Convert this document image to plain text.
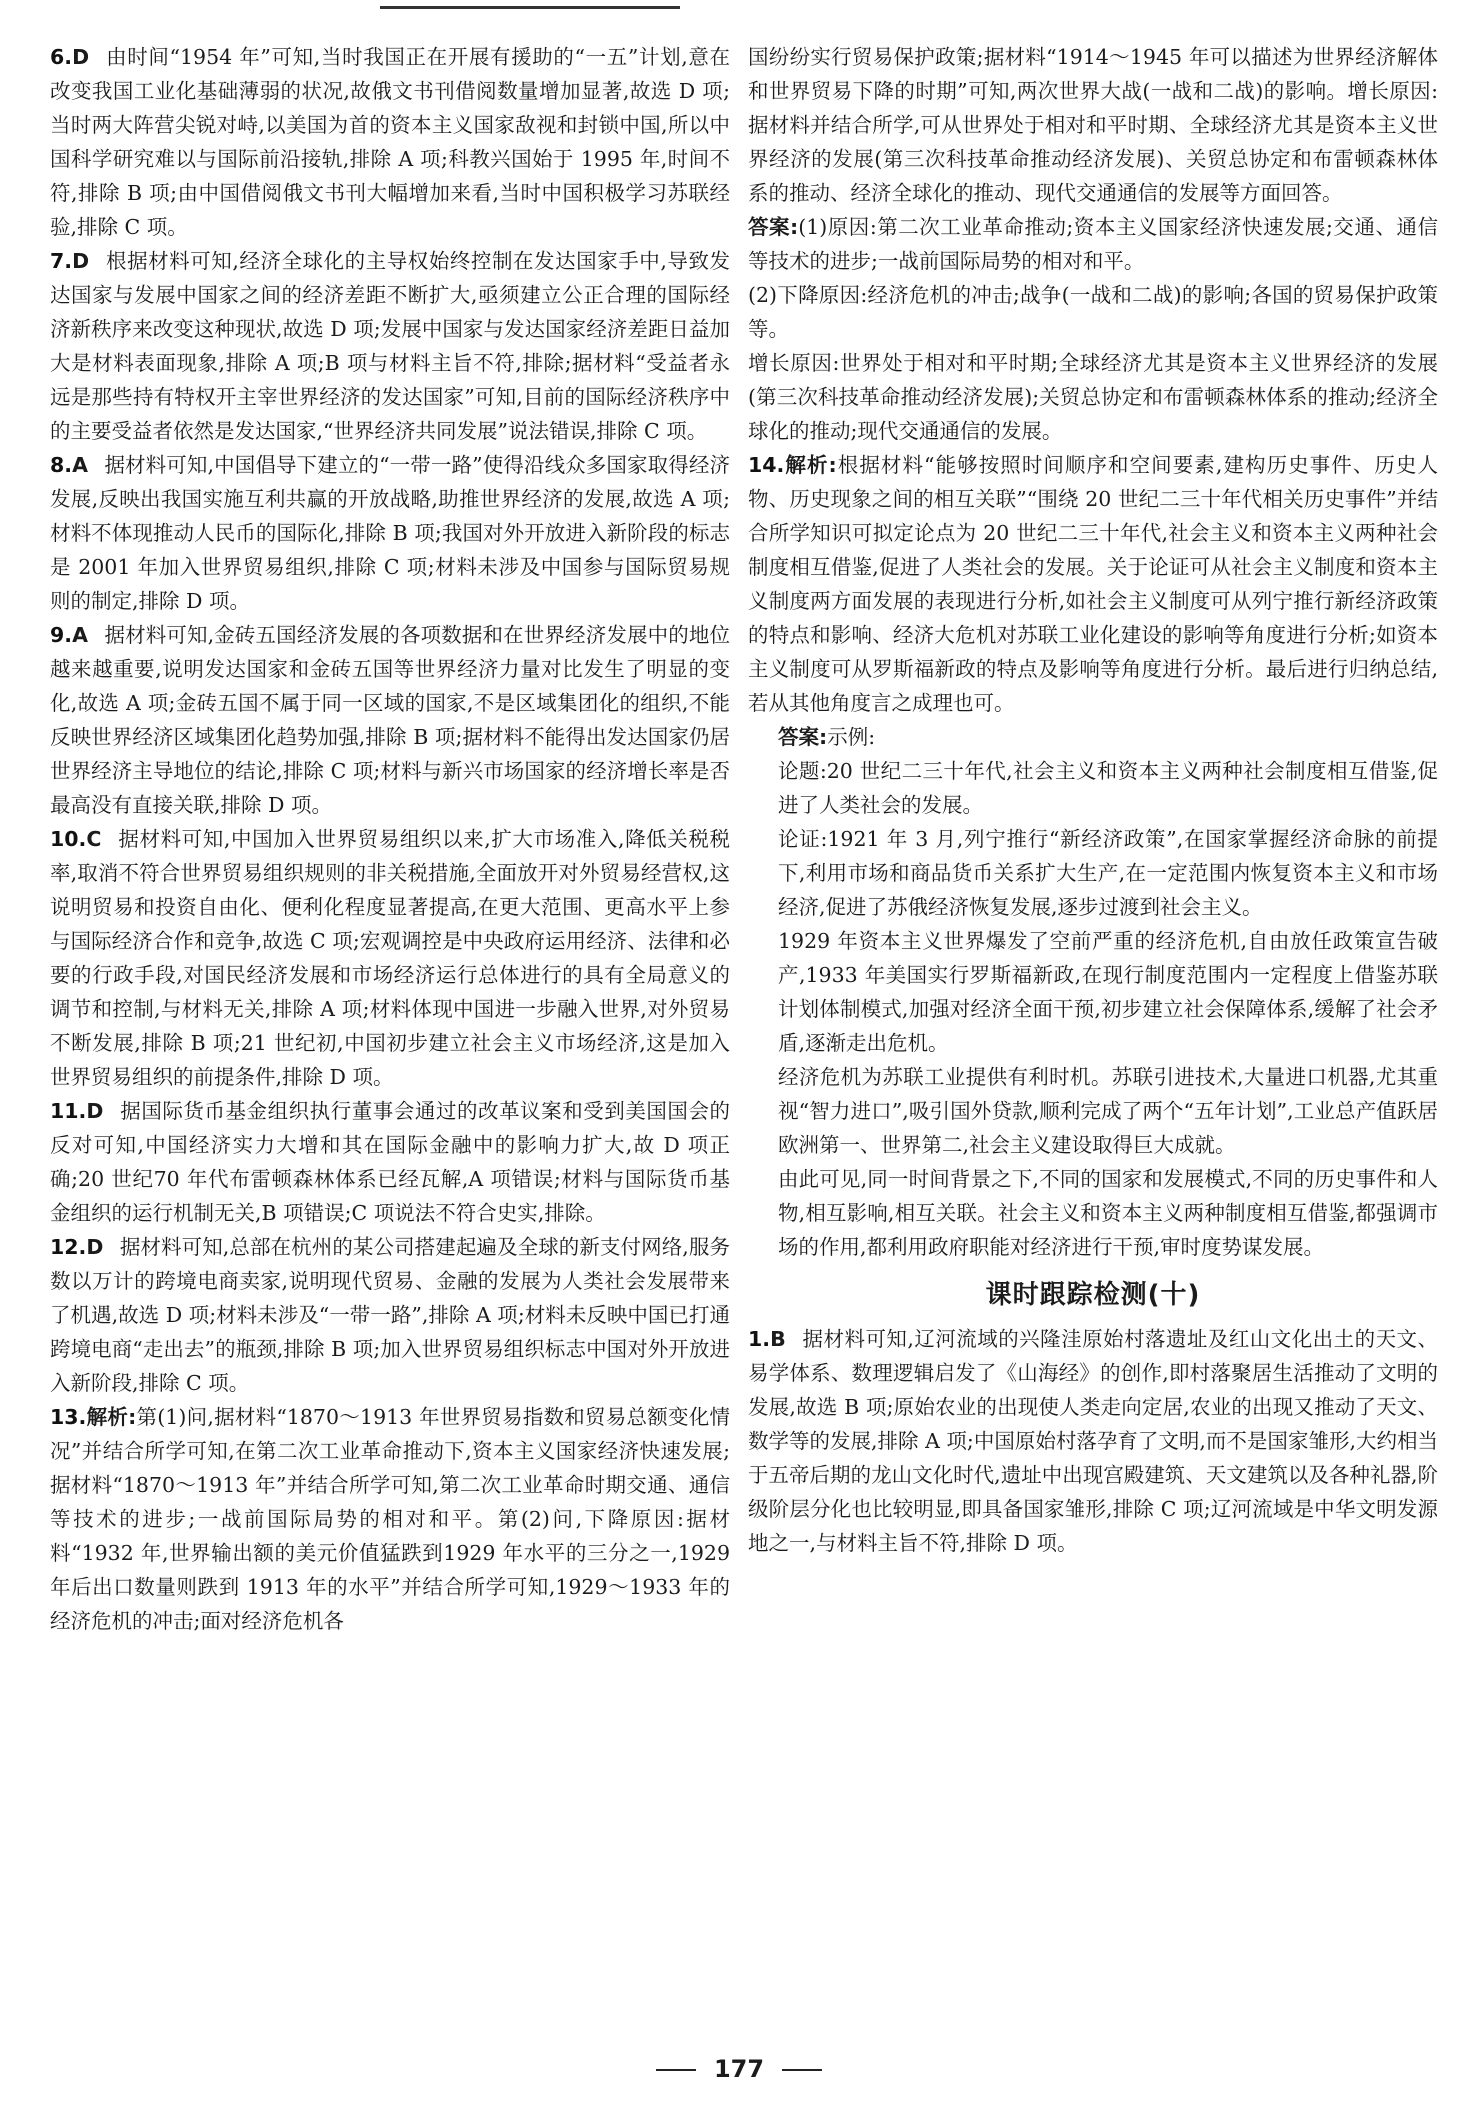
6.D 由时间“1954 年”可知,当时我国正在开展有援助的“一五”计划,意在改变我国工业化基础薄弱的状况,故俄文书刊借阅数量增加显著,故选 D 项;当时两大阵营尖锐对峙,以美国为首的资本主义国家敌视和封锁中国,所以中国科学研究难以与国际前沿接轨,排除 A 项;科教兴国始于 1995 年,时间不符,排除 B 项;由中国借阅俄文书刊大幅增加来看,当时中国积极学习苏联经验,排除 C 项。

7.D 根据材料可知,经济全球化的主导权始终控制在发达国家手中,导致发达国家与发展中国家之间的经济差距不断扩大,亟须建立公正合理的国际经济新秩序来改变这种现状,故选 D 项;发展中国家与发达国家经济差距日益加大是材料表面现象,排除 A 项;B 项与材料主旨不符,排除;据材料“受益者永远是那些持有特权开主宰世界经济的发达国家”可知,目前的国际经济秩序中的主要受益者依然是发达国家,“世界经济共同发展”说法错误,排除 C 项。

8.A 据材料可知,中国倡导下建立的“一带一路”使得沿线众多国家取得经济发展,反映出我国实施互利共赢的开放战略,助推世界经济的发展,故选 A 项;材料不体现推动人民币的国际化,排除 B 项;我国对外开放进入新阶段的标志是 2001 年加入世界贸易组织,排除 C 项;材料未涉及中国参与国际贸易规则的制定,排除 D 项。

9.A 据材料可知,金砖五国经济发展的各项数据和在世界经济发展中的地位越来越重要,说明发达国家和金砖五国等世界经济力量对比发生了明显的变化,故选 A 项;金砖五国不属于同一区域的国家,不是区域集团化的组织,不能反映世界经济区域集团化趋势加强,排除 B 项;据材料不能得出发达国家仍居世界经济主导地位的结论,排除 C 项;材料与新兴市场国家的经济增长率是否最高没有直接关联,排除 D 项。

10.C 据材料可知,中国加入世界贸易组织以来,扩大市场准入,降低关税税率,取消不符合世界贸易组织规则的非关税措施,全面放开对外贸易经营权,这说明贸易和投资自由化、便利化程度显著提高,在更大范围、更高水平上参与国际经济合作和竞争,故选 C 项;宏观调控是中央政府运用经济、法律和必要的行政手段,对国民经济发展和市场经济运行总体进行的具有全局意义的调节和控制,与材料无关,排除 A 项;材料体现中国进一步融入世界,对外贸易不断发展,排除 B 项;21 世纪初,中国初步建立社会主义市场经济,这是加入世界贸易组织的前提条件,排除 D 项。

11.D 据国际货币基金组织执行董事会通过的改革议案和受到美国国会的反对可知,中国经济实力大增和其在国际金融中的影响力扩大,故 D 项正确;20 世纪70 年代布雷顿森林体系已经瓦解,A 项错误;材料与国际货币基金组织的运行机制无关,B 项错误;C 项说法不符合史实,排除。

12.D 据材料可知,总部在杭州的某公司搭建起遍及全球的新支付网络,服务数以万计的跨境电商卖家,说明现代贸易、金融的发展为人类社会发展带来了机遇,故选 D 项;材料未涉及“一带一路”,排除 A 项;材料未反映中国已打通跨境电商“走出去”的瓶颈,排除 B 项;加入世界贸易组织标志中国对外开放进入新阶段,排除 C 项。

13.解析:第(1)问,据材料“1870～1913 年世界贸易指数和贸易总额变化情况”并结合所学可知,在第二次工业革命推动下,资本主义国家经济快速发展;据材料“1870～1913 年”并结合所学可知,第二次工业革命时期交通、通信等技术的进步;一战前国际局势的相对和平。第(2)问,下降原因:据材料“1932 年,世界输出额的美元价值猛跌到1929 年水平的三分之一,1929 年后出口数量则跌到 1913 年的水平”并结合所学可知,1929～1933 年的经济危机的冲击;面对经济危机各

国纷纷实行贸易保护政策;据材料“1914～1945 年可以描述为世界经济解体和世界贸易下降的时期”可知,两次世界大战(一战和二战)的影响。增长原因:据材料并结合所学,可从世界处于相对和平时期、全球经济尤其是资本主义世界经济的发展(第三次科技革命推动经济发展)、关贸总协定和布雷顿森林体系的推动、经济全球化的推动、现代交通通信的发展等方面回答。

答案:(1)原因:第二次工业革命推动;资本主义国家经济快速发展;交通、通信等技术的进步;一战前国际局势的相对和平。

(2)下降原因:经济危机的冲击;战争(一战和二战)的影响;各国的贸易保护政策等。

增长原因:世界处于相对和平时期;全球经济尤其是资本主义世界经济的发展(第三次科技革命推动经济发展);关贸总协定和布雷顿森林体系的推动;经济全球化的推动;现代交通通信的发展。

14.解析:根据材料“能够按照时间顺序和空间要素,建构历史事件、历史人物、历史现象之间的相互关联”“围绕 20 世纪二三十年代相关历史事件”并结合所学知识可拟定论点为 20 世纪二三十年代,社会主义和资本主义两种社会制度相互借鉴,促进了人类社会的发展。关于论证可从社会主义制度和资本主义制度两方面发展的表现进行分析,如社会主义制度可从列宁推行新经济政策的特点和影响、经济大危机对苏联工业化建设的影响等角度进行分析;如资本主义制度可从罗斯福新政的特点及影响等角度进行分析。最后进行归纳总结,若从其他角度言之成理也可。

答案:示例:

论题:20 世纪二三十年代,社会主义和资本主义两种社会制度相互借鉴,促进了人类社会的发展。

论证:1921 年 3 月,列宁推行“新经济政策”,在国家掌握经济命脉的前提下,利用市场和商品货币关系扩大生产,在一定范围内恢复资本主义和市场经济,促进了苏俄经济恢复发展,逐步过渡到社会主义。

1929 年资本主义世界爆发了空前严重的经济危机,自由放任政策宣告破产,1933 年美国实行罗斯福新政,在现行制度范围内一定程度上借鉴苏联计划体制模式,加强对经济全面干预,初步建立社会保障体系,缓解了社会矛盾,逐渐走出危机。

经济危机为苏联工业提供有利时机。苏联引进技术,大量进口机器,尤其重视“智力进口”,吸引国外贷款,顺利完成了两个“五年计划”,工业总产值跃居欧洲第一、世界第二,社会主义建设取得巨大成就。

由此可见,同一时间背景之下,不同的国家和发展模式,不同的历史事件和人物,相互影响,相互关联。社会主义和资本主义两种制度相互借鉴,都强调市场的作用,都利用政府职能对经济进行干预,审时度势谋发展。

课时跟踪检测(十)

1.B 据材料可知,辽河流域的兴隆洼原始村落遗址及红山文化出土的天文、易学体系、数理逻辑启发了《山海经》的创作,即村落聚居生活推动了文明的发展,故选 B 项;原始农业的出现使人类走向定居,农业的出现又推动了天文、数学等的发展,排除 A 项;中国原始村落孕育了文明,而不是国家雏形,大约相当于五帝后期的龙山文化时代,遗址中出现宫殿建筑、天文建筑以及各种礼器,阶级阶层分化也比较明显,即具备国家雏形,排除 C 项;辽河流域是中华文明发源地之一,与材料主旨不符,排除 D 项。

177
